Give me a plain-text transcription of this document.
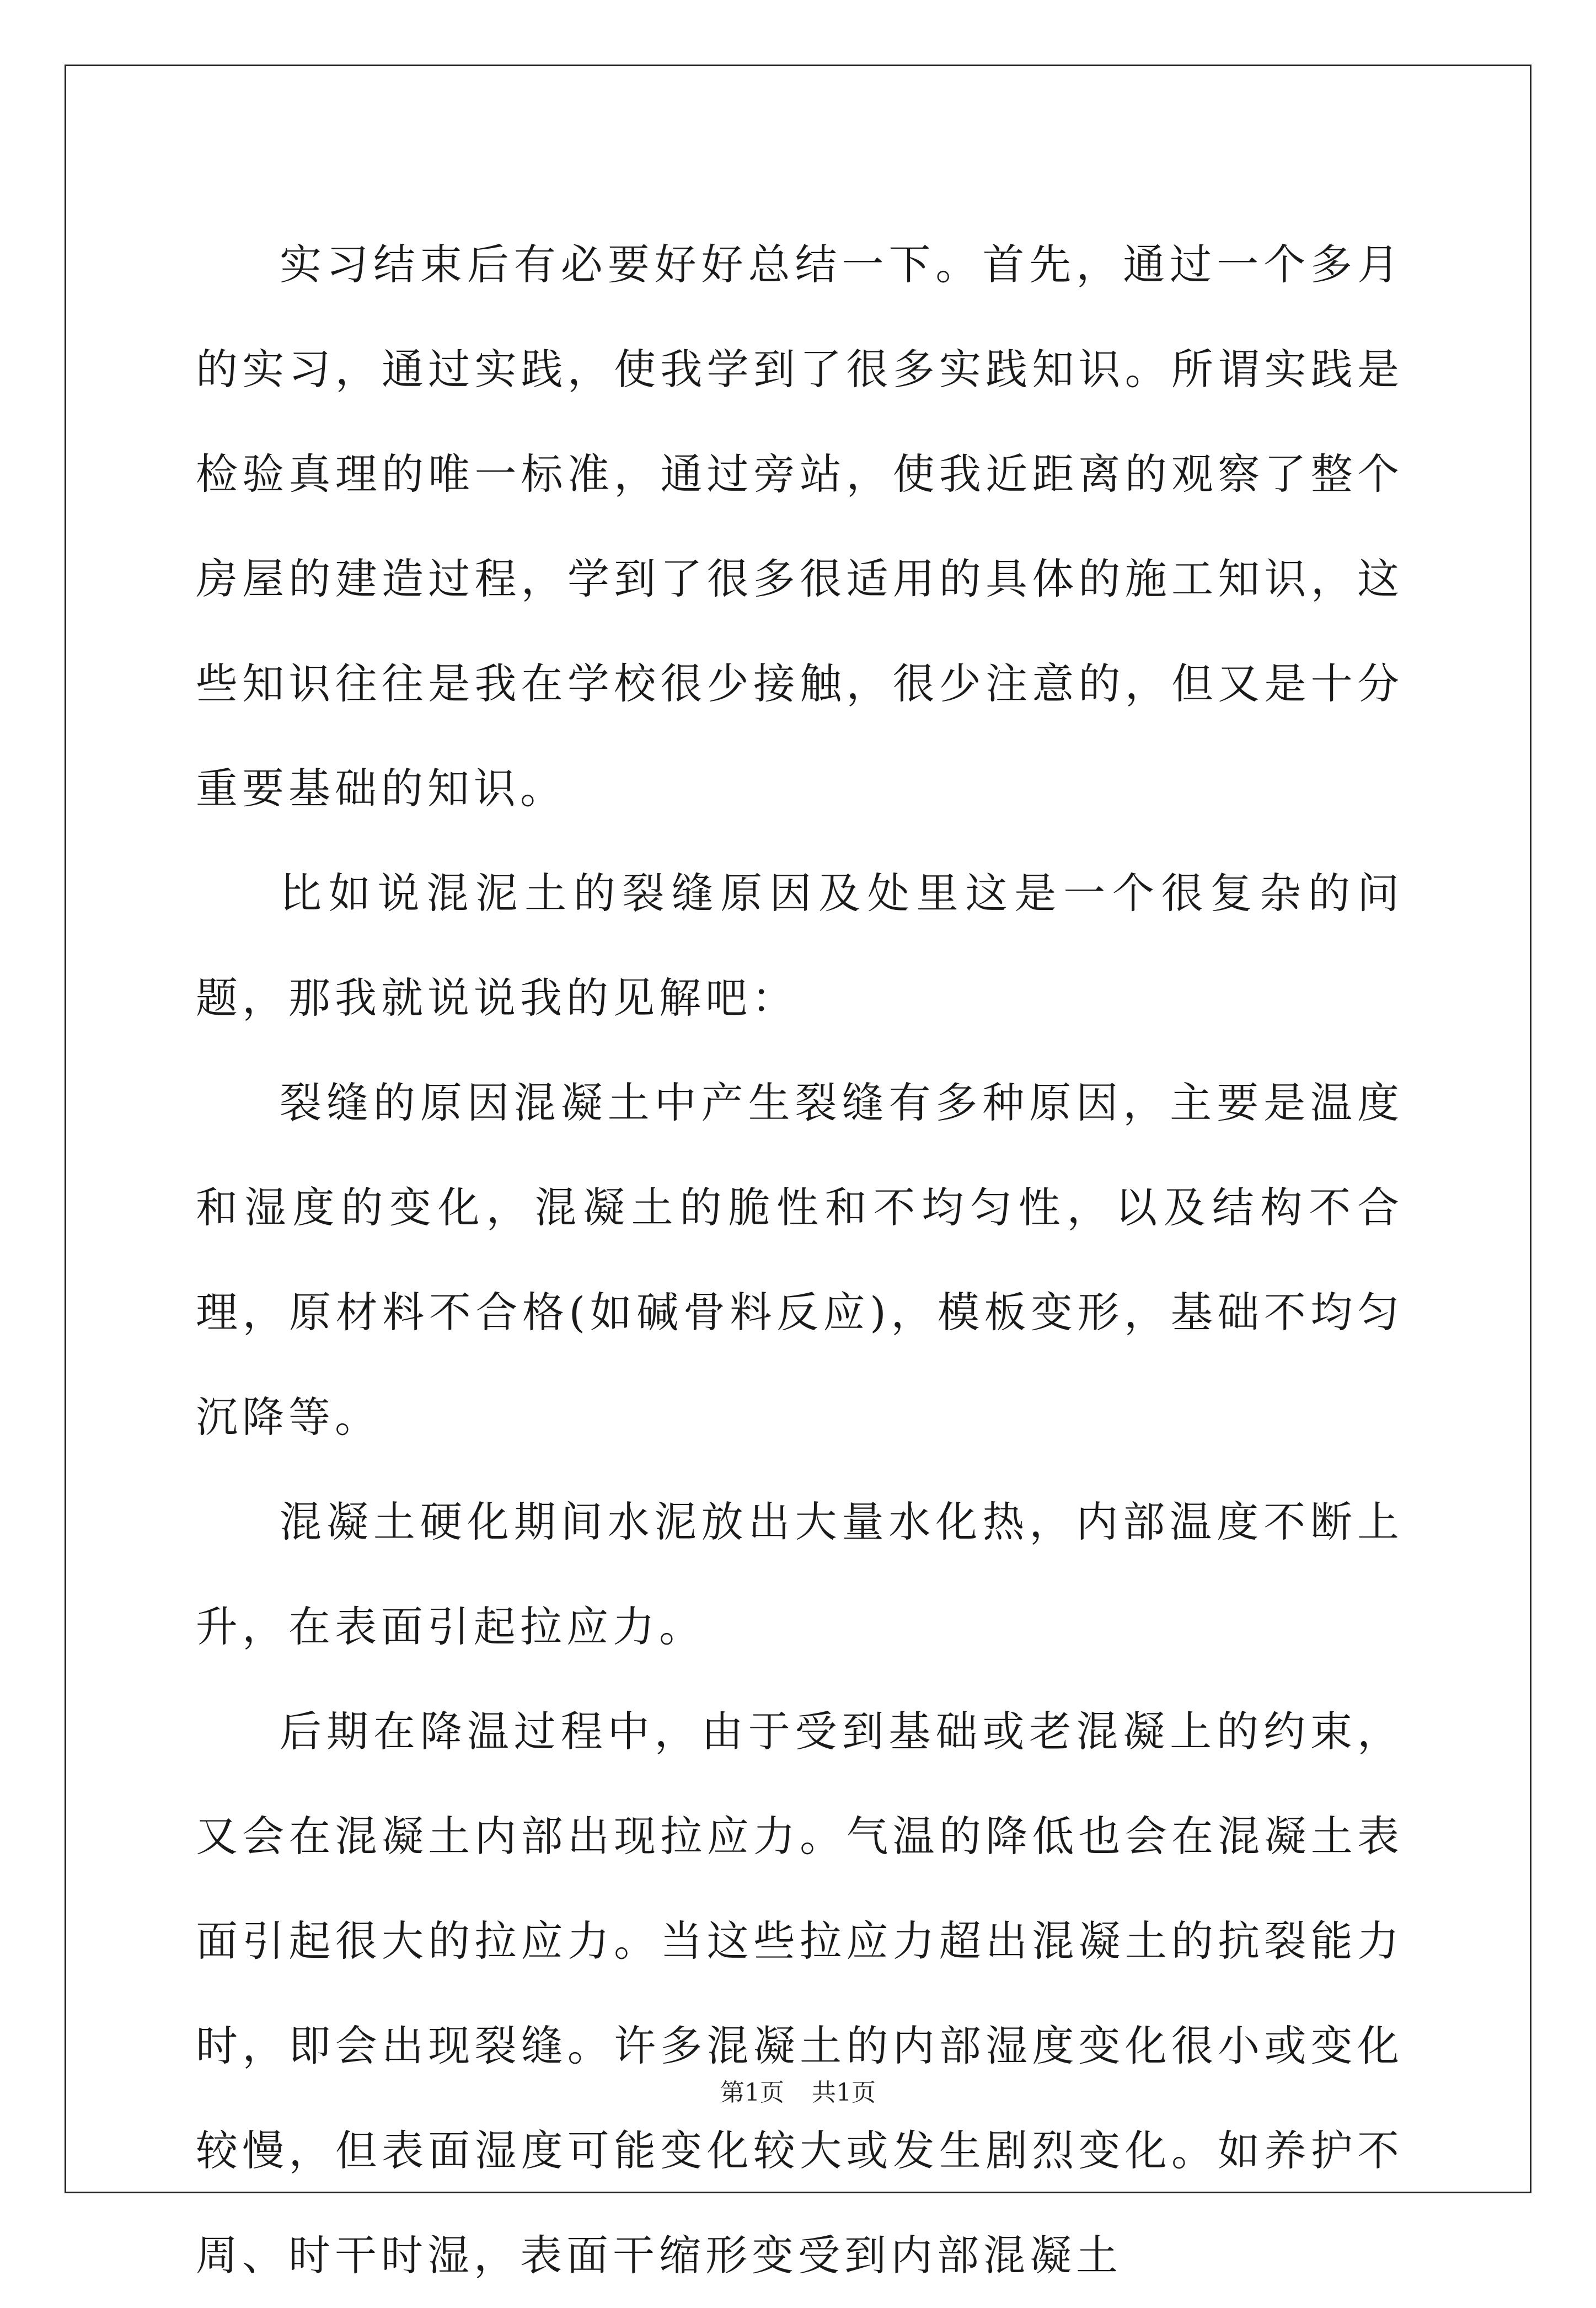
实习结束后有必要好好总结一下。首先，通过一个多月的实习，通过实践，使我学到了很多实践知识。所谓实践是检验真理的唯一标准，通过旁站，使我近距离的观察了整个房屋的建造过程，学到了很多很适用的具体的施工知识，这些知识往往是我在学校很少接触，很少注意的，但又是十分重要基础的知识。

比如说混泥土的裂缝原因及处里这是一个很复杂的问题，那我就说说我的见解吧：

裂缝的原因混凝土中产生裂缝有多种原因，主要是温度和湿度的变化，混凝土的脆性和不均匀性，以及结构不合理，原材料不合格(如碱骨料反应)，模板变形，基础不均匀沉降等。

混凝土硬化期间水泥放出大量水化热，内部温度不断上升，在表面引起拉应力。

后期在降温过程中，由于受到基础或老混凝上的约束，又会在混凝土内部出现拉应力。气温的降低也会在混凝土表面引起很大的拉应力。当这些拉应力超出混凝土的抗裂能力时，即会出现裂缝。许多混凝土的内部湿度变化很小或变化较慢，但表面湿度可能变化较大或发生剧烈变化。如养护不周、时干时湿，表面干缩形变受到内部混凝土

第1页 共1页
